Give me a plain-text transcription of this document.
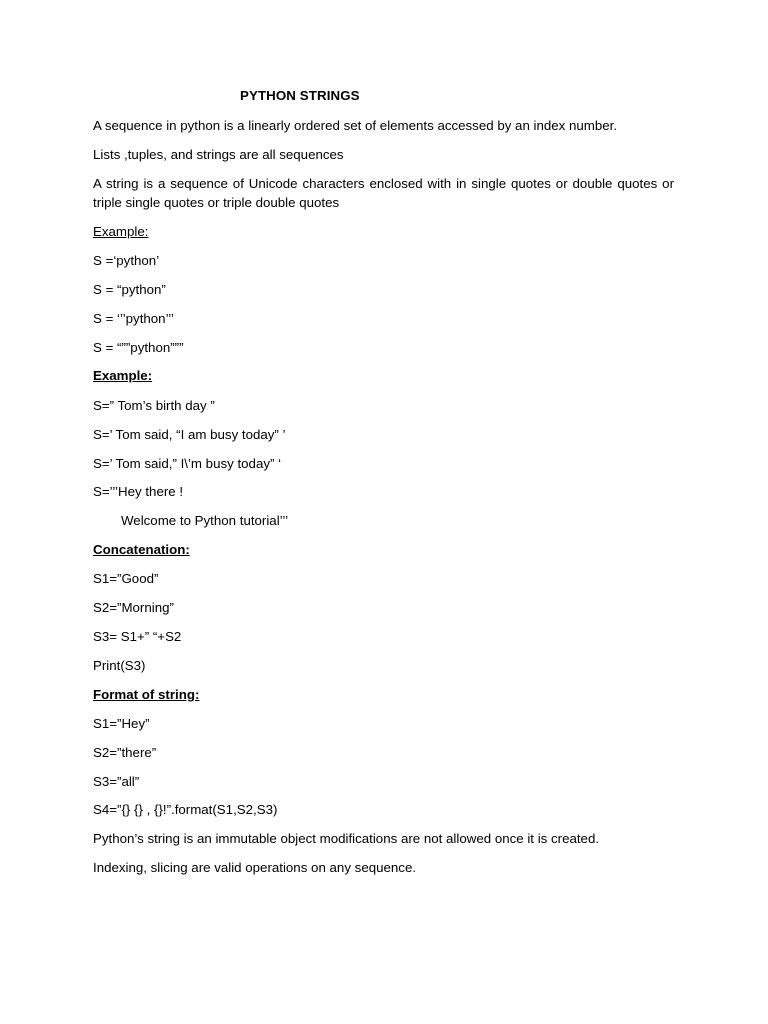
PYTHON STRINGS
A sequence in python is a linearly ordered set of elements accessed by an index number.
Lists ,tuples, and strings are all sequences
A string is a sequence of Unicode characters enclosed with in single quotes or double quotes or triple single quotes or triple double quotes
Example:
S =‘python’
S = “python”
S = ‘’’python’’’
S = “””python”””
Example:
S=” Tom’s birth day ”
S=’ Tom said, “I am busy today” ’
S=’ Tom said,” I\’m busy today” ‘
S=’’’Hey there !
Welcome to Python tutorial’’’
Concatenation:
S1=”Good”
S2=”Morning”
S3= S1+” “+S2
Print(S3)
Format of string:
S1=”Hey”
S2=”there”
S3=”all”
S4=”{} {} , {}!”.format(S1,S2,S3)
Python’s string is an immutable object modifications are not allowed once it is created.
Indexing, slicing are valid operations on any sequence.
